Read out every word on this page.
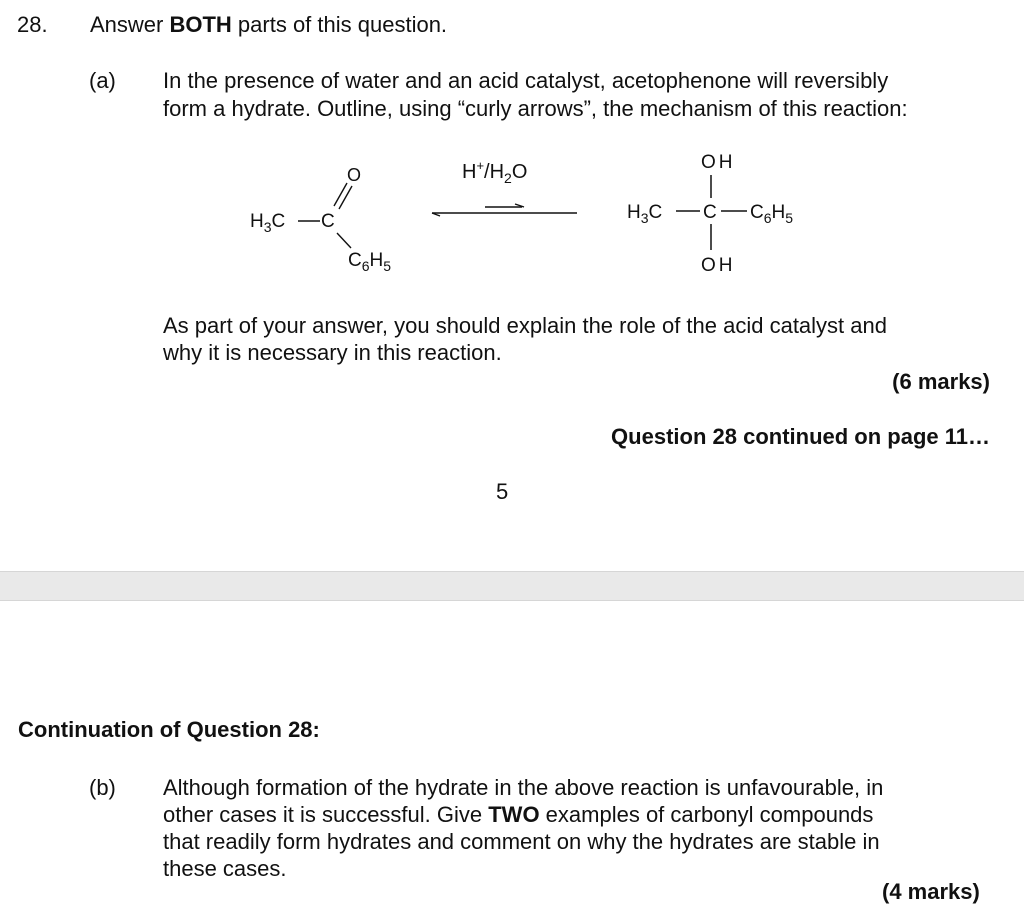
28. Answer BOTH parts of this question.
(a) In the presence of water and an acid catalyst, acetophenone will reversibly
form a hydrate. Outline, using “curly arrows”, the mechanism of this reaction:
$H_3C$ C
O
$C_6H_5$
$H^+/H_2O$	OH
$H_3C$ C $C_6H_5$
OH
As part of your answer, you should explain the role of the acid catalyst and
why it is necessary in this reaction.
(6 marks)
Question 28 continued on page 11…
5
Continuation of Question 28:
(b) Although formation of the hydrate in the above reaction is unfavourable, in
other cases it is successful. Give TWO examples of carbonyl compounds
that readily form hydrates and comment on why the hydrates are stable in
these cases.
(4 marks)
